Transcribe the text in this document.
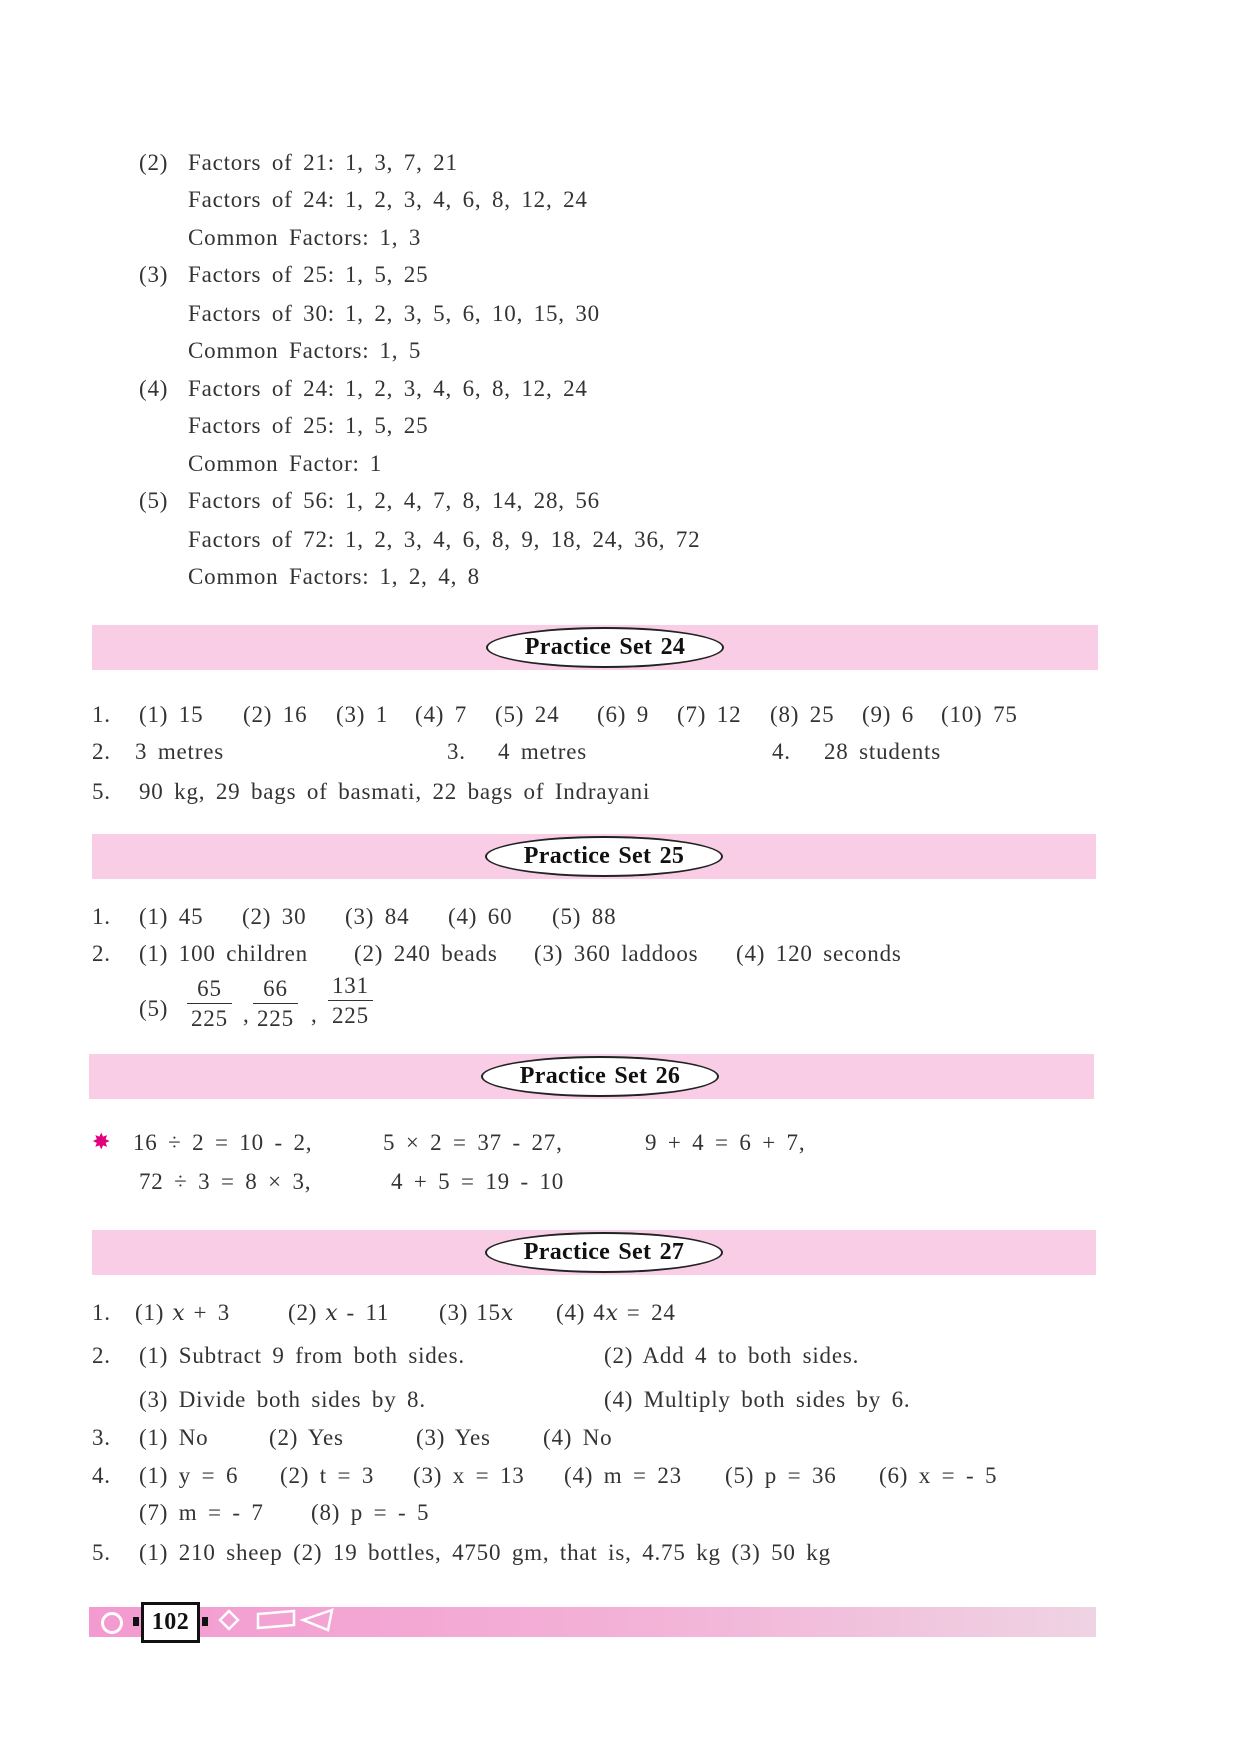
(2) Factors of 21: 1, 3, 7, 21
Factors of 24: 1, 2, 3, 4, 6, 8, 12, 24
Common Factors: 1, 3
(3) Factors of 25: 1, 5, 25
Factors of 30: 1, 2, 3, 5, 6, 10, 15, 30
Common Factors: 1, 5
(4) Factors of 24: 1, 2, 3, 4, 6, 8, 12, 24
Factors of 25: 1, 5, 25
Common Factor: 1
(5) Factors of 56: 1, 2, 4, 7, 8, 14, 28, 56
Factors of 72: 1, 2, 3, 4, 6, 8, 9, 18, 24, 36, 72
Common Factors: 1, 2, 4, 8
Practice Set 24
1. (1) 15 (2) 16 (3) 1 (4) 7 (5) 24 (6) 9 (7) 12 (8) 25 (9) 6 (10) 75
2. 3 metres	3. 4 metres	4. 28 students
5. 90 kg, 29 bags of basmati, 22 bags of Indrayani
Practice Set 25
1. (1) 45 (2) 30 (3) 84 (4) 60 (5) 88
2. (1) 100 children (2) 240 beads (3) 360 laddoos (4) 120 seconds
$(5) \frac{65}{225}$ , $\frac{66}{225}$ , $\frac{131}{225}$
Practice Set 26
✸ 16 ÷ 2 = 10 - 2,	5 × 2 = 37 - 27,	9 + 4 = 6 + 7,
72 ÷ 3 = 8 × 3,	4 + 5 = 19 - 10
Practice Set 27
1. (1) x + 3	(2) x - 11 (3) 15x (4) 4x = 24
2. (1) Subtract 9 from both sides.	(2) Add 4 to both sides.
(3) Divide both sides by 8.	(4) Multiply both sides by 6.
3. (1) No	(2) Yes	(3) Yes (4) No
4. (1) y = 6 (2) t = 3 (3) x = 13 (4) m = 23 (5) p = 36 (6) x = - 5
(7) m = - 7 (8) p = - 5
5. (1) 210 sheep (2) 19 bottles, 4750 gm, that is, 4.75 kg (3) 50 kg
102
